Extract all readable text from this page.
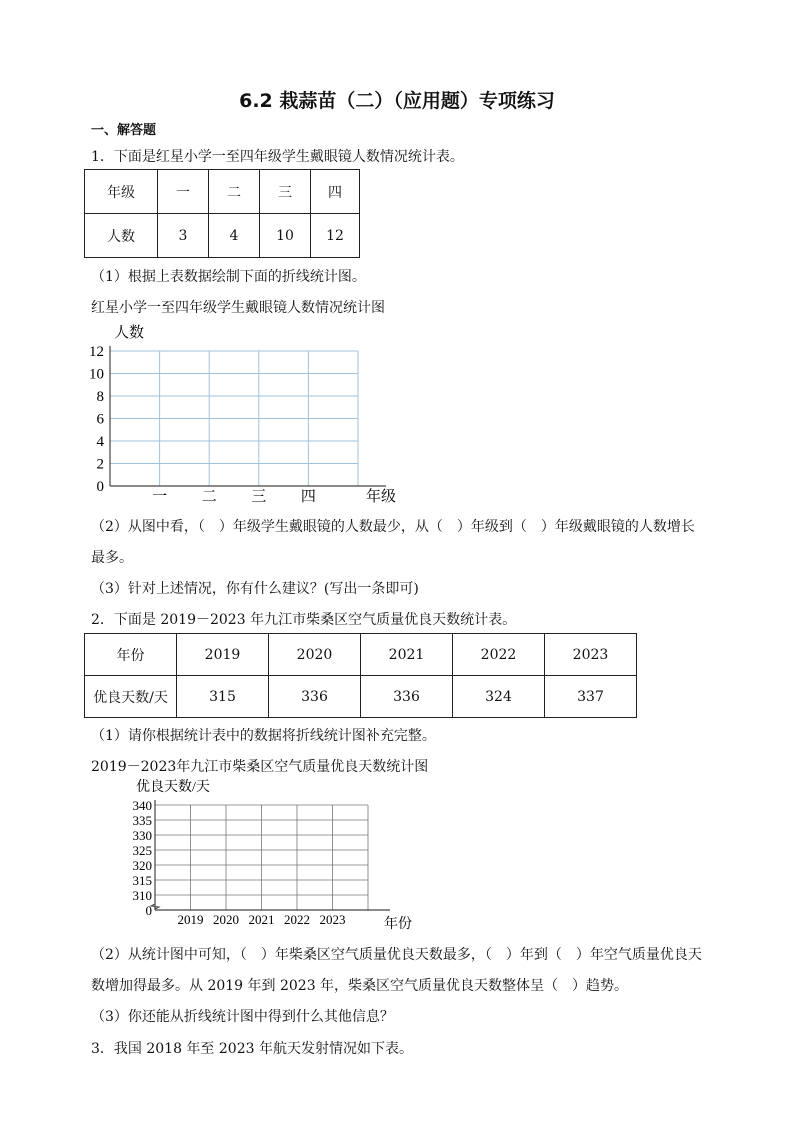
6.2 栽蒜苗（二）（应用题）专项练习
一、解答题
1．下面是红星小学一至四年级学生戴眼镜人数情况统计表。
年级	一	二	三	四
人数	3	4	10	12
（1）根据上表数据绘制下面的折线统计图。
红星小学一至四年级学生戴眼镜人数情况统计图
人数
年级
0
2
4
6
8
10
12
一 二 三 四
（2）从图中看，（　）年级学生戴眼镜的人数最少，从（　）年级到（　）年级戴眼镜的人数增长
最多。
（3）针对上述情况，你有什么建议？(写出一条即可)
2．下面是 2019－2023 年九江市柴桑区空气质量优良天数统计表。
年份	2019	2020	2021	2022	2023
优良天数/天	315	336	336	324	337
（1）请你根据统计表中的数据将折线统计图补充完整。
2019－2023年九江市柴桑区空气质量优良天数统计图
优良天数/天
年份
0
310
315
320
325
330
335
340
2019 2020 2021 2022 2023
（2）从统计图中可知，（　）年柴桑区空气质量优良天数最多，（　）年到（　）年空气质量优良天
数增加得最多。从 2019 年到 2023 年，柴桑区空气质量优良天数整体呈（　）趋势。
（3）你还能从折线统计图中得到什么其他信息？
3．我国 2018 年至 2023 年航天发射情况如下表。
